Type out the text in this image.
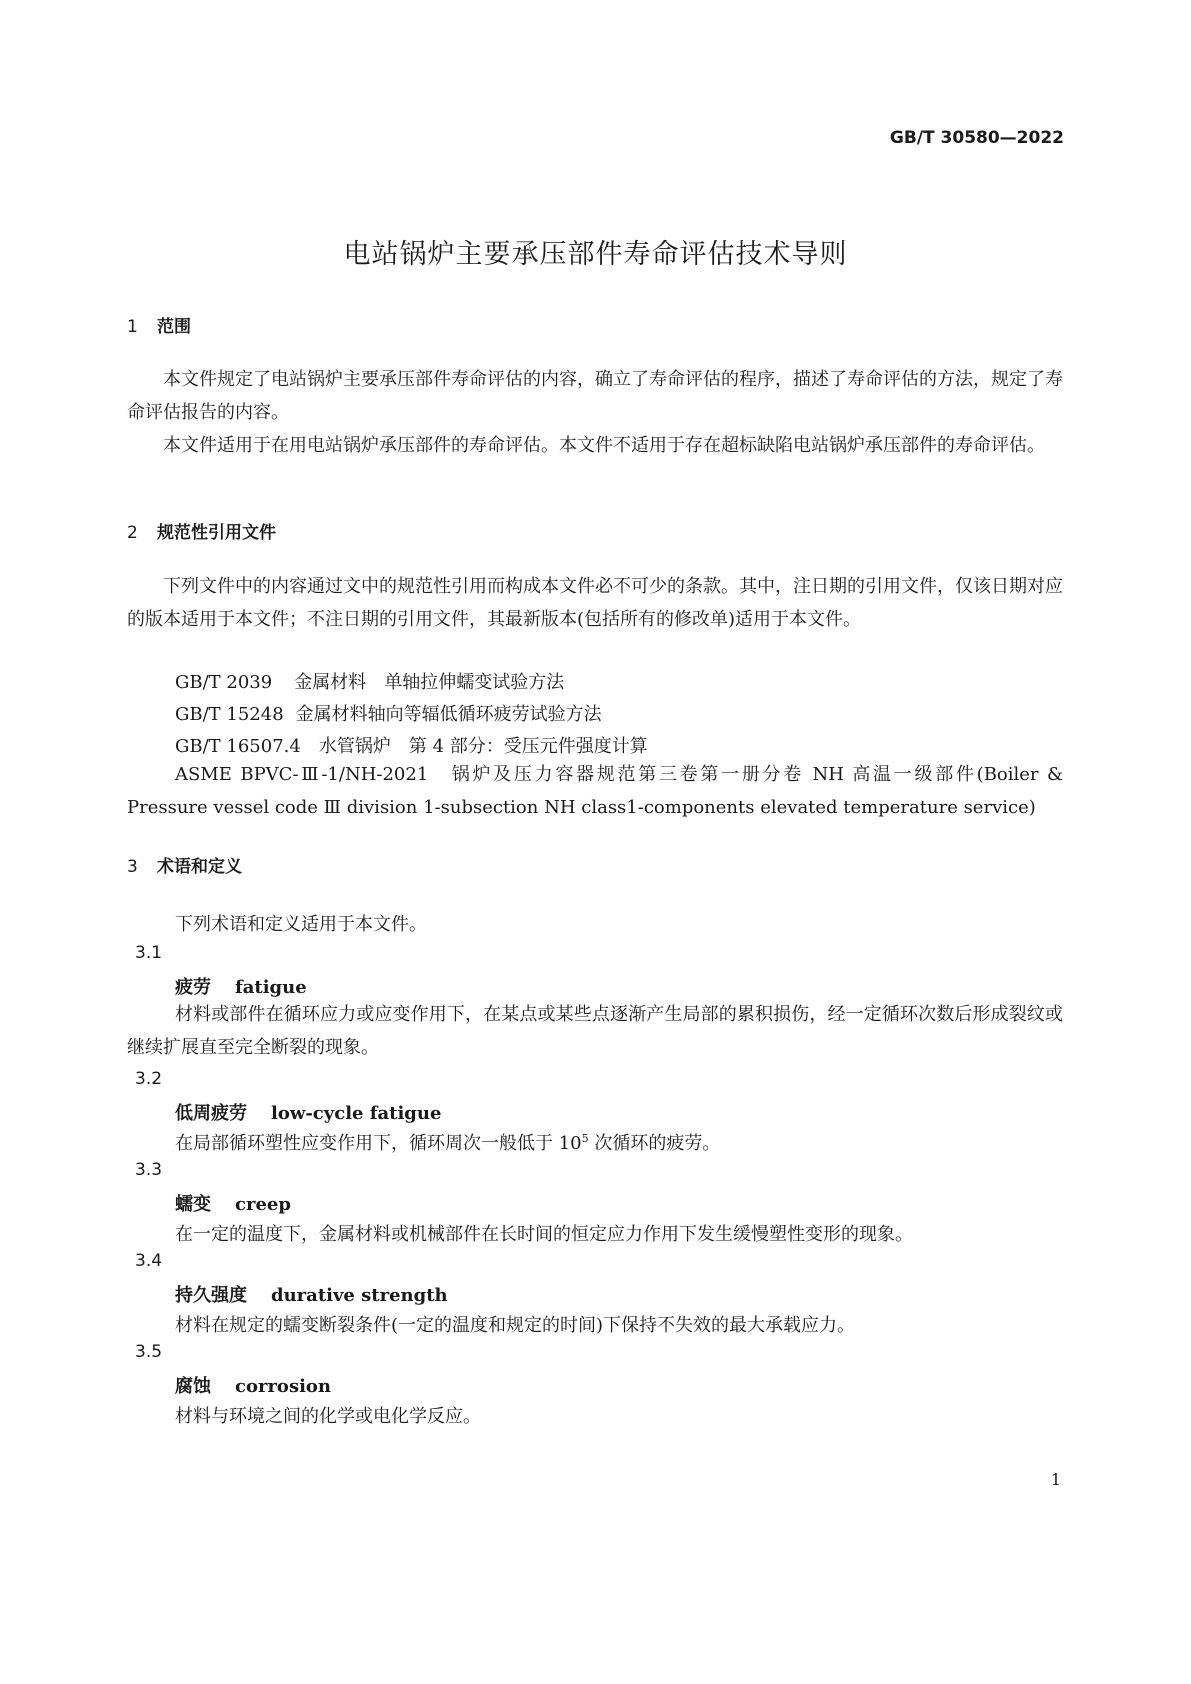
GB/T 30580—2022
电站锅炉主要承压部件寿命评估技术导则
1 范围
本文件规定了电站锅炉主要承压部件寿命评估的内容，确立了寿命评估的程序，描述了寿命评估的方法，规定了寿命评估报告的内容。
本文件适用于在用电站锅炉承压部件的寿命评估。本文件不适用于存在超标缺陷电站锅炉承压部件的寿命评估。
2 规范性引用文件
下列文件中的内容通过文中的规范性引用而构成本文件必不可少的条款。其中，注日期的引用文件，仅该日期对应的版本适用于本文件；不注日期的引用文件，其最新版本(包括所有的修改单)适用于本文件。
GB/T 2039 金属材料　单轴拉伸蠕变试验方法
GB/T 15248 金属材料轴向等辐低循环疲劳试验方法
GB/T 16507.4 水管锅炉　第 4 部分：受压元件强度计算
ASME BPVC-Ⅲ-1/NH-2021　锅炉及压力容器规范第三卷第一册分卷 NH 高温一级部件(Boiler & Pressure vessel code Ⅲ division 1-subsection NH class1-components elevated temperature service)
3 术语和定义
下列术语和定义适用于本文件。
3.1
疲劳 fatigue
材料或部件在循环应力或应变作用下，在某点或某些点逐渐产生局部的累积损伤，经一定循环次数后形成裂纹或继续扩展直至完全断裂的现象。
3.2
低周疲劳 low-cycle fatigue
在局部循环塑性应变作用下，循环周次一般低于 $10^5$ 次循环的疲劳。
3.3
蠕变 creep
在一定的温度下，金属材料或机械部件在长时间的恒定应力作用下发生缓慢塑性变形的现象。
3.4
持久强度 durative strength
材料在规定的蠕变断裂条件(一定的温度和规定的时间)下保持不失效的最大承载应力。
3.5
腐蚀 corrosion
材料与环境之间的化学或电化学反应。
1
